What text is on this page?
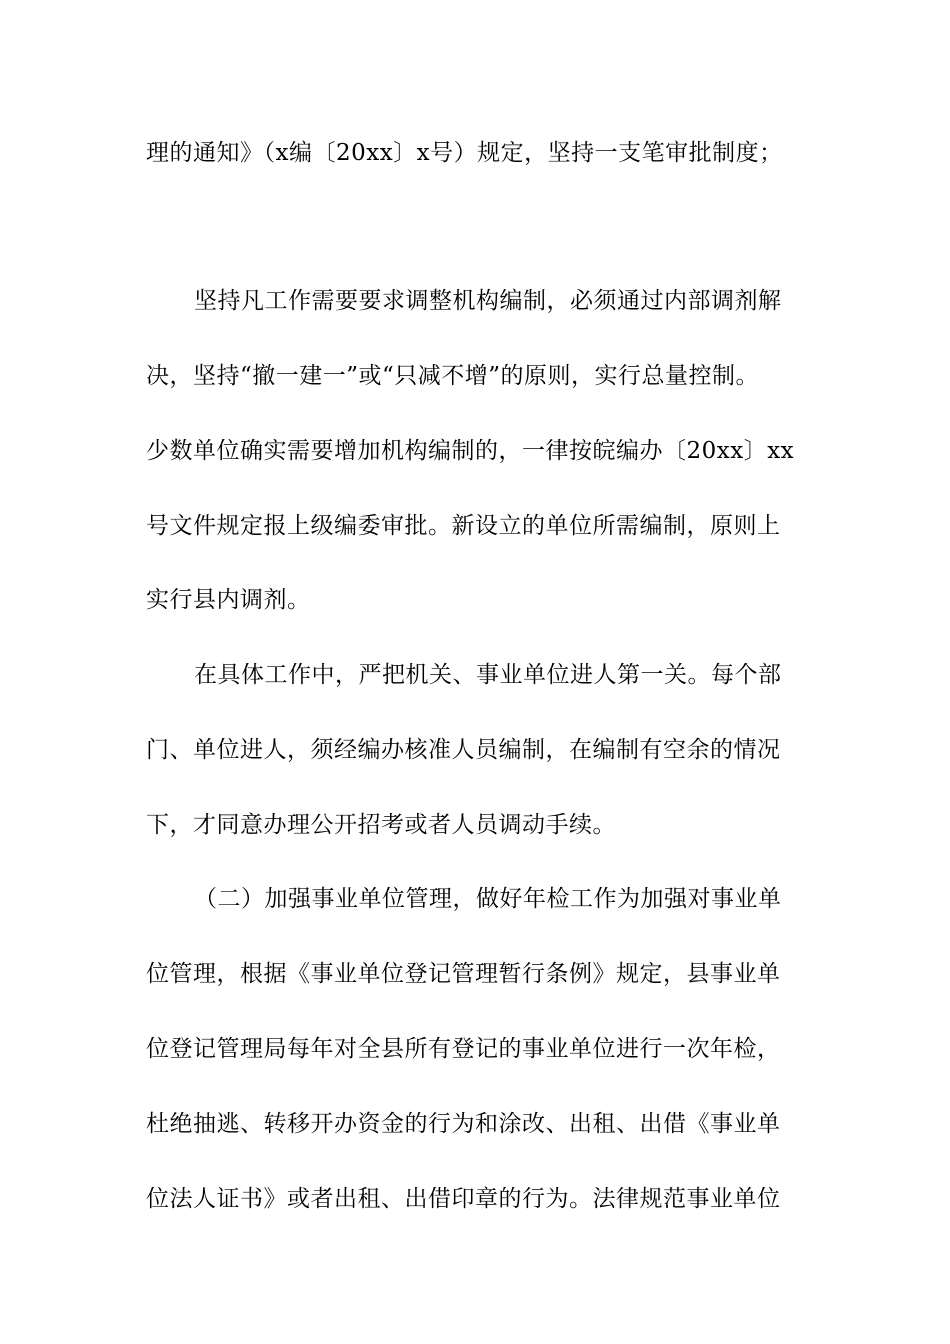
理的通知》（x编〔20xx〕x号）规定，坚持一支笔审批制度；

坚持凡工作需要要求调整机构编制，必须通过内部调剂解

决，坚持“撤一建一”或“只减不增”的原则，实行总量控制。

少数单位确实需要增加机构编制的，一律按皖编办〔20xx〕xx

号文件规定报上级编委审批。新设立的单位所需编制，原则上

实行县内调剂。

在具体工作中，严把机关、事业单位进人第一关。每个部

门、单位进人，须经编办核准人员编制，在编制有空余的情况

下，才同意办理公开招考或者人员调动手续。

（二）加强事业单位管理，做好年检工作为加强对事业单

位管理，根据《事业单位登记管理暂行条例》规定，县事业单

位登记管理局每年对全县所有登记的事业单位进行一次年检，

杜绝抽逃、转移开办资金的行为和涂改、出租、出借《事业单

位法人证书》或者出租、出借印章的行为。法律规范事业单位
